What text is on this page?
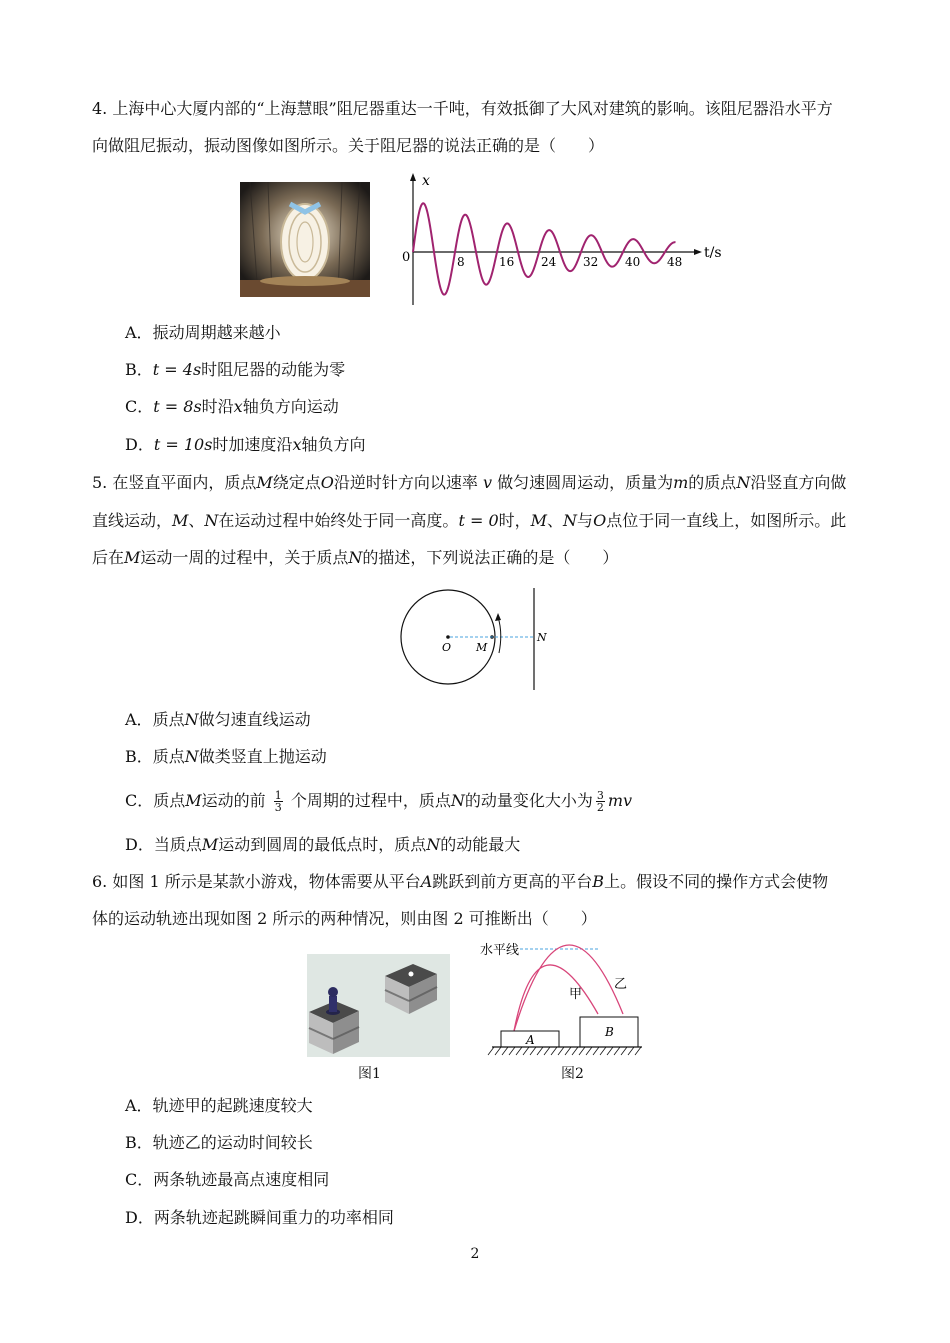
4. 上海中心大厦内部的“上海慧眼”阻尼器重达一千吨，有效抵御了大风对建筑的影响。该阻尼器沿水平方
向做阻尼振动，振动图像如图所示。关于阻尼器的说法正确的是（　　）
x
t/s
0	8	16 24 32 40 48
A．振动周期越来越小
B．t = 4s时阻尼器的动能为零
C．t = 8s时沿x轴负方向运动
D．t = 10s时加速度沿x轴负方向
5. 在竖直平面内，质点M绕定点O沿逆时针方向以速率 v 做匀速圆周运动，质量为m的质点N沿竖直方向做
直线运动，M、N在运动过程中始终处于同一高度。t = 0时，M、N与O点位于同一直线上，如图所示。此
后在M运动一周的过程中，关于质点N的描述，下列说法正确的是（　　）
O M
N
A．质点N做匀速直线运动
B．质点N做类竖直上抛运动
C．质点M运动的前 $\frac{1}{3}$ 个周期的过程中，质点N的动量变化大小为 $\frac{3}{2}$ mv
D．当质点M运动到圆周的最低点时，质点N的动能最大
6. 如图 1 所示是某款小游戏，物体需要从平台A跳跃到前方更高的平台B上。假设不同的操作方式会使物
体的运动轨迹出现如图 2 所示的两种情况，则由图 2 可推断出（　　）
图1
水平线
甲
乙
A
B
图2
A．轨迹甲的起跳速度较大
B．轨迹乙的运动时间较长
C．两条轨迹最高点速度相同
D．两条轨迹起跳瞬间重力的功率相同
2
